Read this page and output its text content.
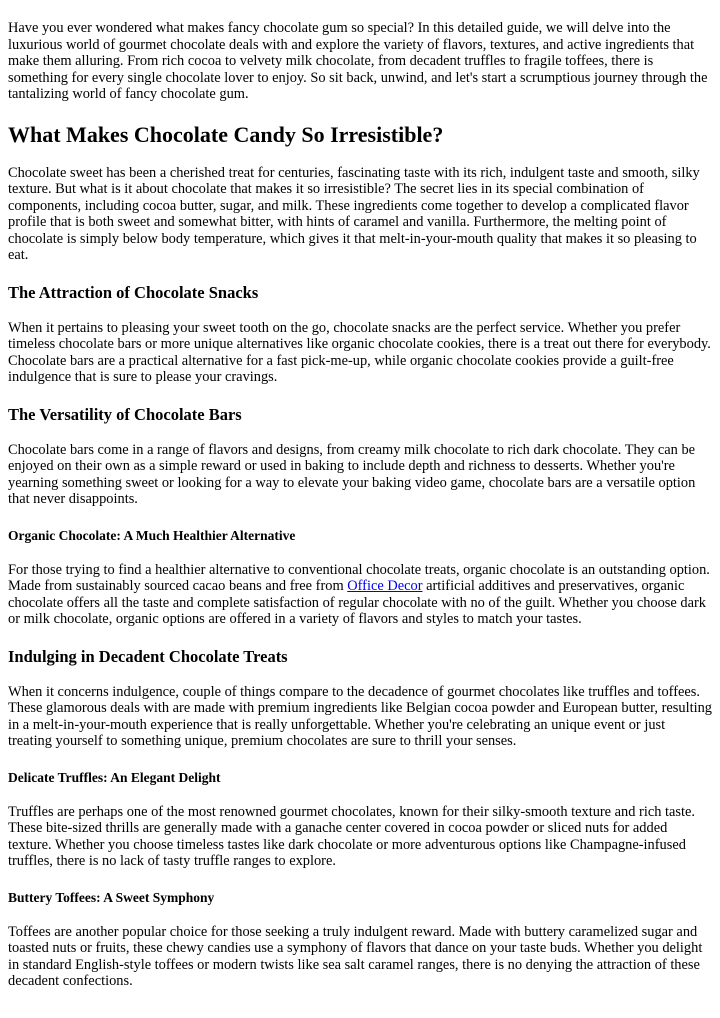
Have you ever wondered what makes fancy chocolate gum so special? In this detailed guide, we will delve into the luxurious world of gourmet chocolate deals with and explore the variety of flavors, textures, and active ingredients that make them alluring. From rich cocoa to velvety milk chocolate, from decadent truffles to fragile toffees, there is something for every single chocolate lover to enjoy. So sit back, unwind, and let's start a scrumptious journey through the tantalizing world of fancy chocolate gum.

What Makes Chocolate Candy So Irresistible?

Chocolate sweet has been a cherished treat for centuries, fascinating taste with its rich, indulgent taste and smooth, silky texture. But what is it about chocolate that makes it so irresistible? The secret lies in its special combination of components, including cocoa butter, sugar, and milk. These ingredients come together to develop a complicated flavor profile that is both sweet and somewhat bitter, with hints of caramel and vanilla. Furthermore, the melting point of chocolate is simply below body temperature, which gives it that melt-in-your-mouth quality that makes it so pleasing to eat.

The Attraction of Chocolate Snacks

When it pertains to pleasing your sweet tooth on the go, chocolate snacks are the perfect service. Whether you prefer timeless chocolate bars or more unique alternatives like organic chocolate cookies, there is a treat out there for everybody. Chocolate bars are a practical alternative for a fast pick-me-up, while organic chocolate cookies provide a guilt-free indulgence that is sure to please your cravings.

The Versatility of Chocolate Bars

Chocolate bars come in a range of flavors and designs, from creamy milk chocolate to rich dark chocolate. They can be enjoyed on their own as a simple reward or used in baking to include depth and richness to desserts. Whether you're yearning something sweet or looking for a way to elevate your baking video game, chocolate bars are a versatile option that never disappoints.

Organic Chocolate: A Much Healthier Alternative

For those trying to find a healthier alternative to conventional chocolate treats, organic chocolate is an outstanding option. Made from sustainably sourced cacao beans and free from Office Decor artificial additives and preservatives, organic chocolate offers all the taste and complete satisfaction of regular chocolate with no of the guilt. Whether you choose dark or milk chocolate, organic options are offered in a variety of flavors and styles to match your tastes.

Indulging in Decadent Chocolate Treats

When it concerns indulgence, couple of things compare to the decadence of gourmet chocolates like truffles and toffees. These glamorous deals with are made with premium ingredients like Belgian cocoa powder and European butter, resulting in a melt-in-your-mouth experience that is really unforgettable. Whether you're celebrating an unique event or just treating yourself to something unique, premium chocolates are sure to thrill your senses.

Delicate Truffles: An Elegant Delight

Truffles are perhaps one of the most renowned gourmet chocolates, known for their silky-smooth texture and rich taste. These bite-sized thrills are generally made with a ganache center covered in cocoa powder or sliced nuts for added texture. Whether you choose timeless tastes like dark chocolate or more adventurous options like Champagne-infused truffles, there is no lack of tasty truffle ranges to explore.

Buttery Toffees: A Sweet Symphony

Toffees are another popular choice for those seeking a truly indulgent reward. Made with buttery caramelized sugar and toasted nuts or fruits, these chewy candies use a symphony of flavors that dance on your taste buds. Whether you delight in standard English-style toffees or modern twists like sea salt caramel ranges, there is no denying the attraction of these decadent confections.
